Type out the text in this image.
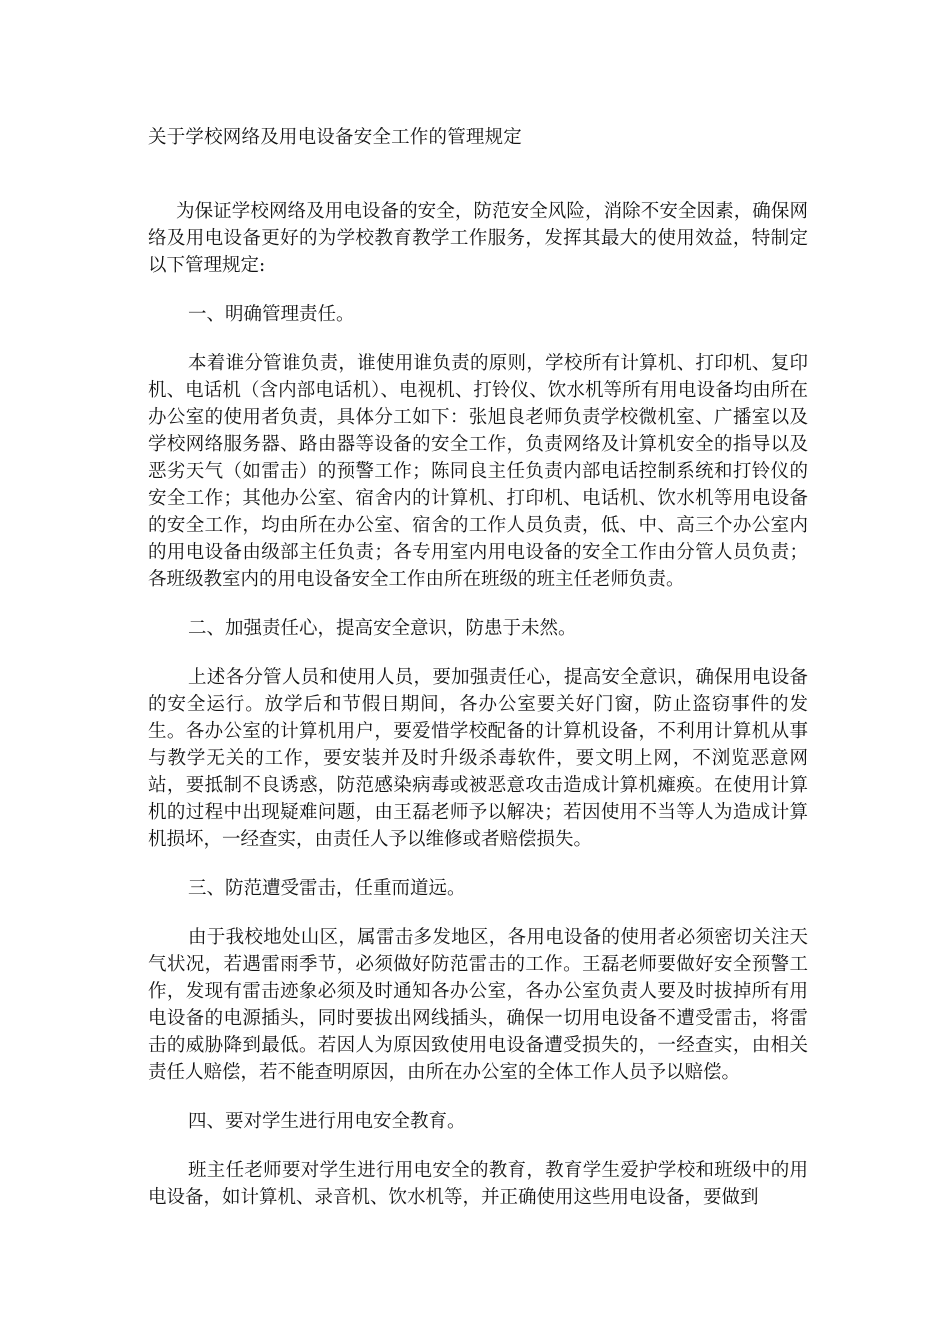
关于学校网络及用电设备安全工作的管理规定

为保证学校网络及用电设备的安全，防范安全风险，消除不安全因素，确保网络及用电设备更好的为学校教育教学工作服务，发挥其最大的使用效益，特制定以下管理规定:

一、明确管理责任。

本着谁分管谁负责，谁使用谁负责的原则，学校所有计算机、打印机、复印机、电话机（含内部电话机）、电视机、打铃仪、饮水机等所有用电设备均由所在办公室的使用者负责，具体分工如下：张旭良老师负责学校微机室、广播室以及学校网络服务器、路由器等设备的安全工作，负责网络及计算机安全的指导以及恶劣天气（如雷击）的预警工作；陈同良主任负责内部电话控制系统和打铃仪的安全工作；其他办公室、宿舍内的计算机、打印机、电话机、饮水机等用电设备的安全工作，均由所在办公室、宿舍的工作人员负责，低、中、高三个办公室内的用电设备由级部主任负责；各专用室内用电设备的安全工作由分管人员负责；各班级教室内的用电设备安全工作由所在班级的班主任老师负责。

二、加强责任心，提高安全意识，防患于未然。

上述各分管人员和使用人员，要加强责任心，提高安全意识，确保用电设备的安全运行。放学后和节假日期间，各办公室要关好门窗，防止盗窃事件的发生。各办公室的计算机用户，要爱惜学校配备的计算机设备，不利用计算机从事与教学无关的工作，要安装并及时升级杀毒软件，要文明上网，不浏览恶意网站，要抵制不良诱惑，防范感染病毒或被恶意攻击造成计算机瘫痪。在使用计算机的过程中出现疑难问题，由王磊老师予以解决；若因使用不当等人为造成计算机损坏，一经查实，由责任人予以维修或者赔偿损失。

三、防范遭受雷击，任重而道远。

由于我校地处山区，属雷击多发地区，各用电设备的使用者必须密切关注天气状况，若遇雷雨季节，必须做好防范雷击的工作。王磊老师要做好安全预警工作，发现有雷击迹象必须及时通知各办公室，各办公室负责人要及时拔掉所有用电设备的电源插头，同时要拔出网线插头，确保一切用电设备不遭受雷击，将雷击的威胁降到最低。若因人为原因致使用电设备遭受损失的，一经查实，由相关责任人赔偿，若不能查明原因，由所在办公室的全体工作人员予以赔偿。

四、要对学生进行用电安全教育。

班主任老师要对学生进行用电安全的教育，教育学生爱护学校和班级中的用电设备，如计算机、录音机、饮水机等，并正确使用这些用电设备，要做到
